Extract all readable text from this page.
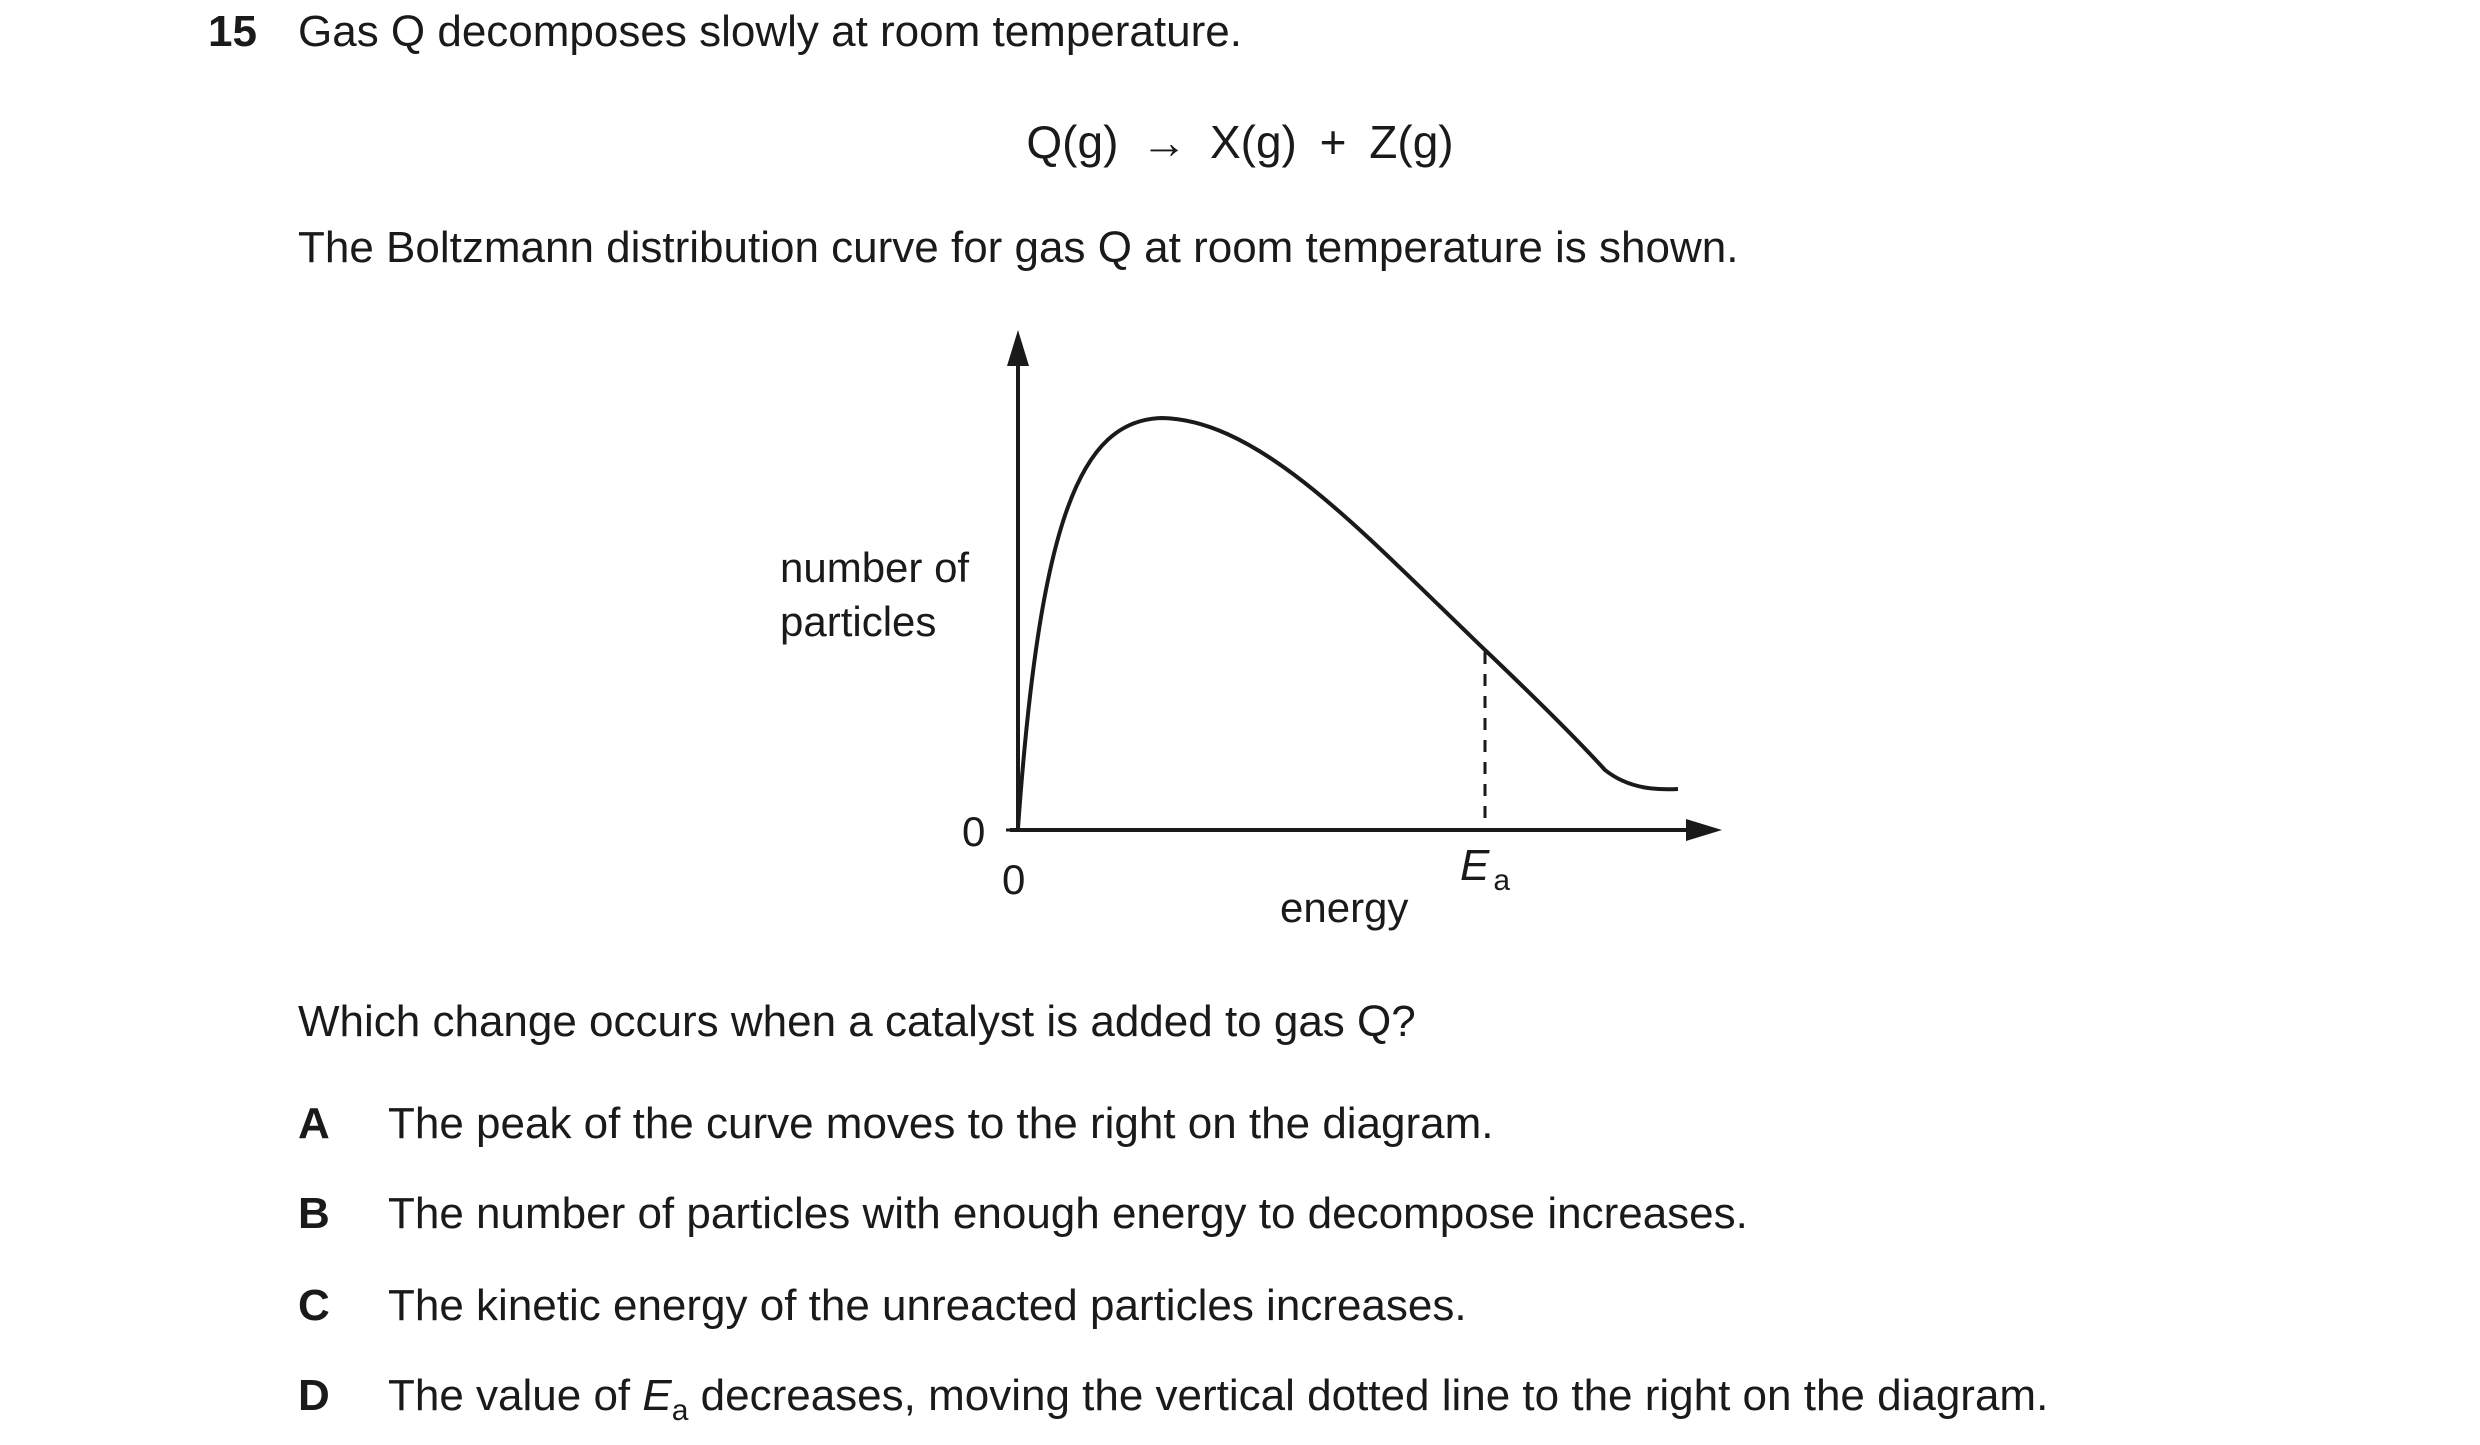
15 Gas Q decomposes slowly at room temperature.
Q(g) → X(g) + Z(g)
The Boltzmann distribution curve for gas Q at room temperature is shown.
number of
particles
0
0
energy
E $_a$
Which change occurs when a catalyst is added to gas Q?
A The peak of the curve moves to the right on the diagram.
B The number of particles with enough energy to decompose increases.
C The kinetic energy of the unreacted particles increases.
D The value of $E_a$ decreases, moving the vertical dotted line to the right on the diagram.
